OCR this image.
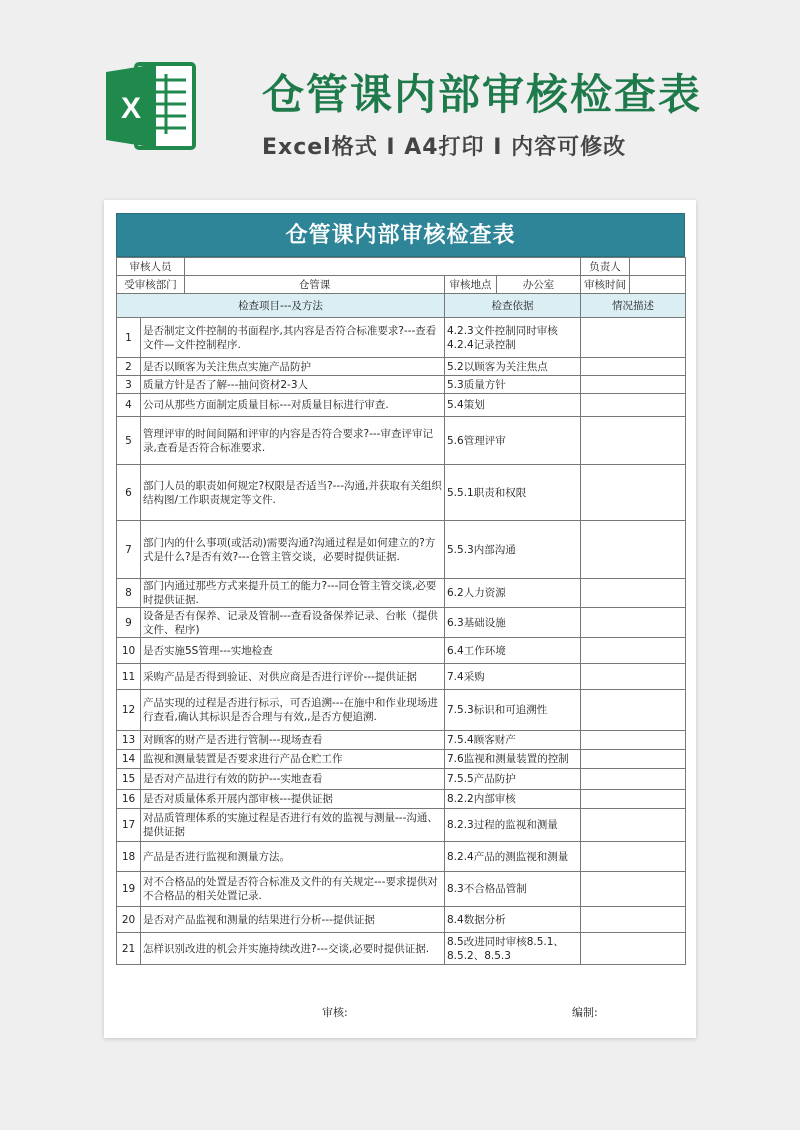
X	仓管课内部审核检查表
Excel格式 I A4打印 I 内容可修改
仓管课内部审核检查表
审核人员					负责人	
受审核部门		仓管课	审核地点	办公室	审核时间	
检查项目---及方法			检查依据		情况描述	
1	是否制定文件控制的书面程序,其内容是否符合标准要求?---查看文件—文件控制程序.		4.2.3文件控制同时审核4.2.4记录控制			
2	是否以顾客为关注焦点实施产品防护		5.2以顾客为关注焦点			
3	质量方针是否了解---抽问资材2-3人		5.3质量方针			
4	公司从那些方面制定质量目标---对质量目标进行审查.		5.4策划			
5	管理评审的时间间隔和评审的内容是否符合要求?---审查评审记录,查看是否符合标准要求.		5.6管理评审			
6	部门人员的职责如何规定?权限是否适当?---沟通,并获取有关组织结构图/工作职责规定等文件.		5.5.1职责和权限			
7	部门内的什么事项(或活动)需要沟通?沟通过程是如何建立的?方式是什么?是否有效?---仓管主管交谈，必要时提供证据.		5.5.3内部沟通			
8	部门内通过那些方式来提升员工的能力?---同仓管主管交谈,必要时提供证据.		6.2人力资源			
9	设备是否有保养、记录及管制---查看设备保养记录、台帐（提供文件、程序)		6.3基础设施			
10	是否实施5S管理---实地检查		6.4工作环境			
11	采购产品是否得到验证、对供应商是否进行评价---提供证据		7.4采购			
12	产品实现的过程是否进行标示，可否追溯---在施中和作业现场进行查看,确认其标识是否合理与有效,,是否方便追溯.		7.5.3标识和可追溯性			
13	对顾客的财产是否进行管制---现场查看		7.5.4顾客财产			
14	监视和测量装置是否要求进行产品仓贮工作		7.6监视和测量装置的控制			
15	是否对产品进行有效的防护---实地查看		7.5.5产品防护			
16	是否对质量体系开展内部审核---提供证据		8.2.2内部审核			
17	对品质管理体系的实施过程是否进行有效的监视与测量---沟通、提供证据		8.2.3过程的监视和测量			
18	产品是否进行监视和测量方法。		8.2.4产品的测监视和测量			
19	对不合格品的处置是否符合标准及文件的有关规定---要求提供对不合格品的相关处置记录.		8.3不合格品管制			
20	是否对产品监视和测量的结果进行分析---提供证据		8.4数据分析			
21	怎样识别改进的机会并实施持续改进?---交谈,必要时提供证据.		8.5改进同时审核8.5.1、8.5.2、8.5.3			
审核:	编制:
